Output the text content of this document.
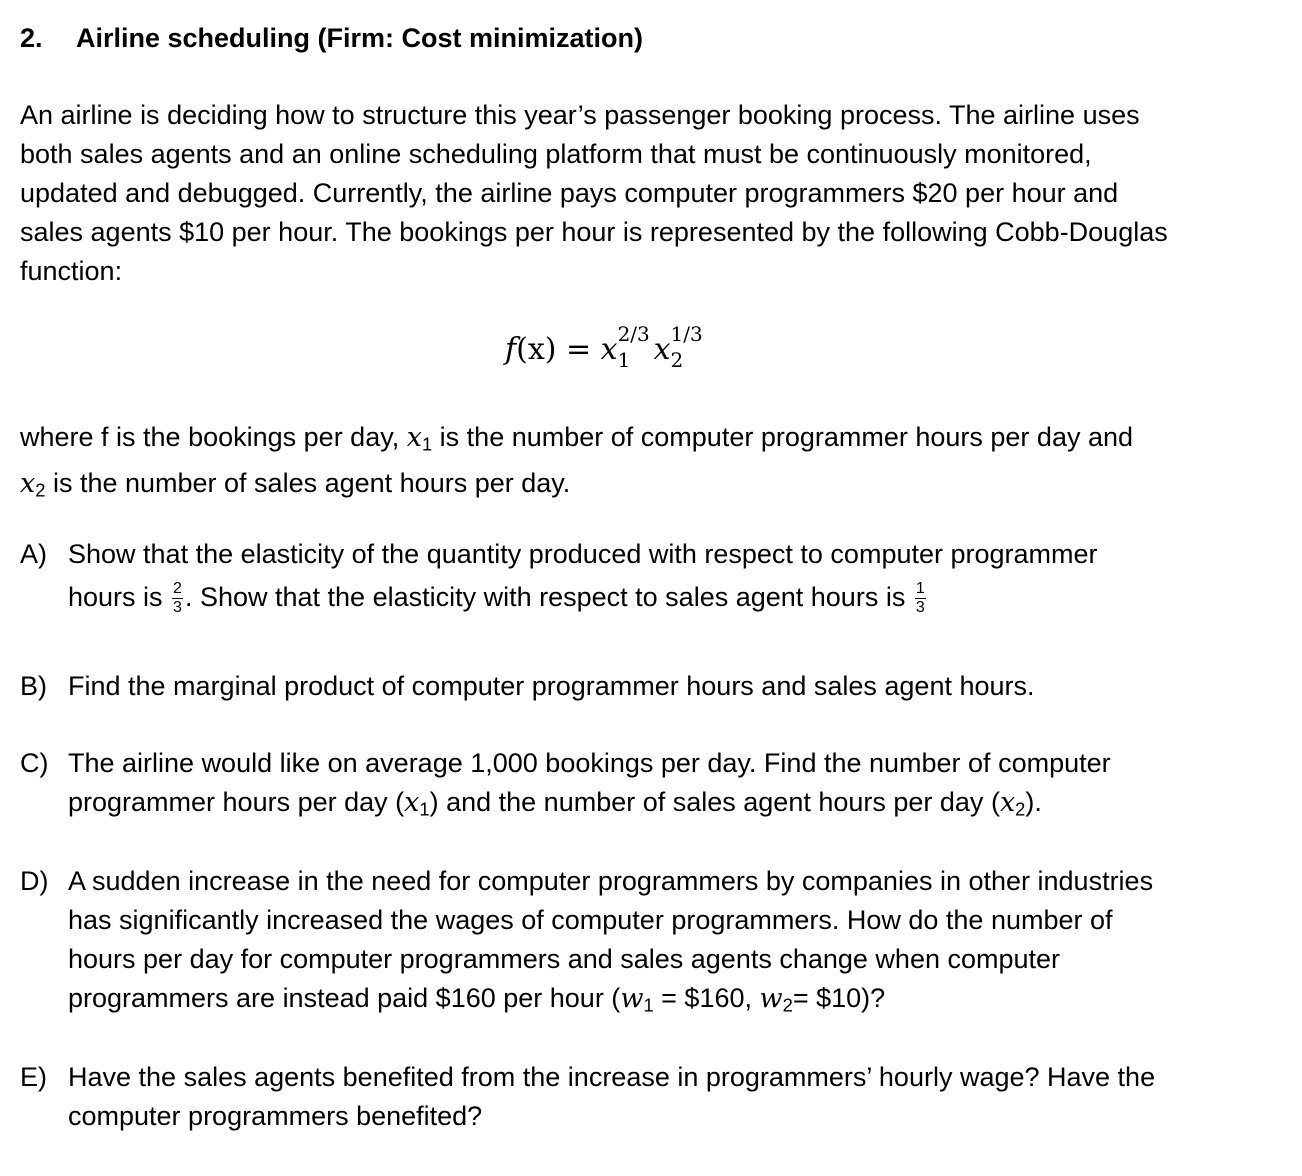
2. Airline scheduling (Firm: Cost minimization)
An airline is deciding how to structure this year’s passenger booking process. The airline uses
both sales agents and an online scheduling platform that must be continuously monitored,
updated and debugged. Currently, the airline pays computer programmers $20 per hour and
sales agents $10 per hour. The bookings per hour is represented by the following Cobb-Douglas
function:
f(x) = x 2/3
1 x 1/3
2

where f is the bookings per day, $x_1$ is the number of computer programmer hours per day and
$x_2$ is the number of sales agent hours per day.
A) Show that the elasticity of the quantity produced with respect to computer programmer
hours is $\frac{2}{3}$ . Show that the elasticity with respect to sales agent hours is $\frac{1}{3}$
B) Find the marginal product of computer programmer hours and sales agent hours.
C) The airline would like on average 1,000 bookings per day. Find the number of computer
programmer hours per day $(x_1)$ and the number of sales agent hours per day $(x_2)$.
D) A sudden increase in the need for computer programmers by companies in other industries
has significantly increased the wages of computer programmers. How do the number of
hours per day for computer programmers and sales agents change when computer
programmers are instead paid $160 per hour ($w_1$ = $160, $w_2=$ $10)?
E) Have the sales agents benefited from the increase in programmers’ hourly wage? Have the
computer programmers benefited?
